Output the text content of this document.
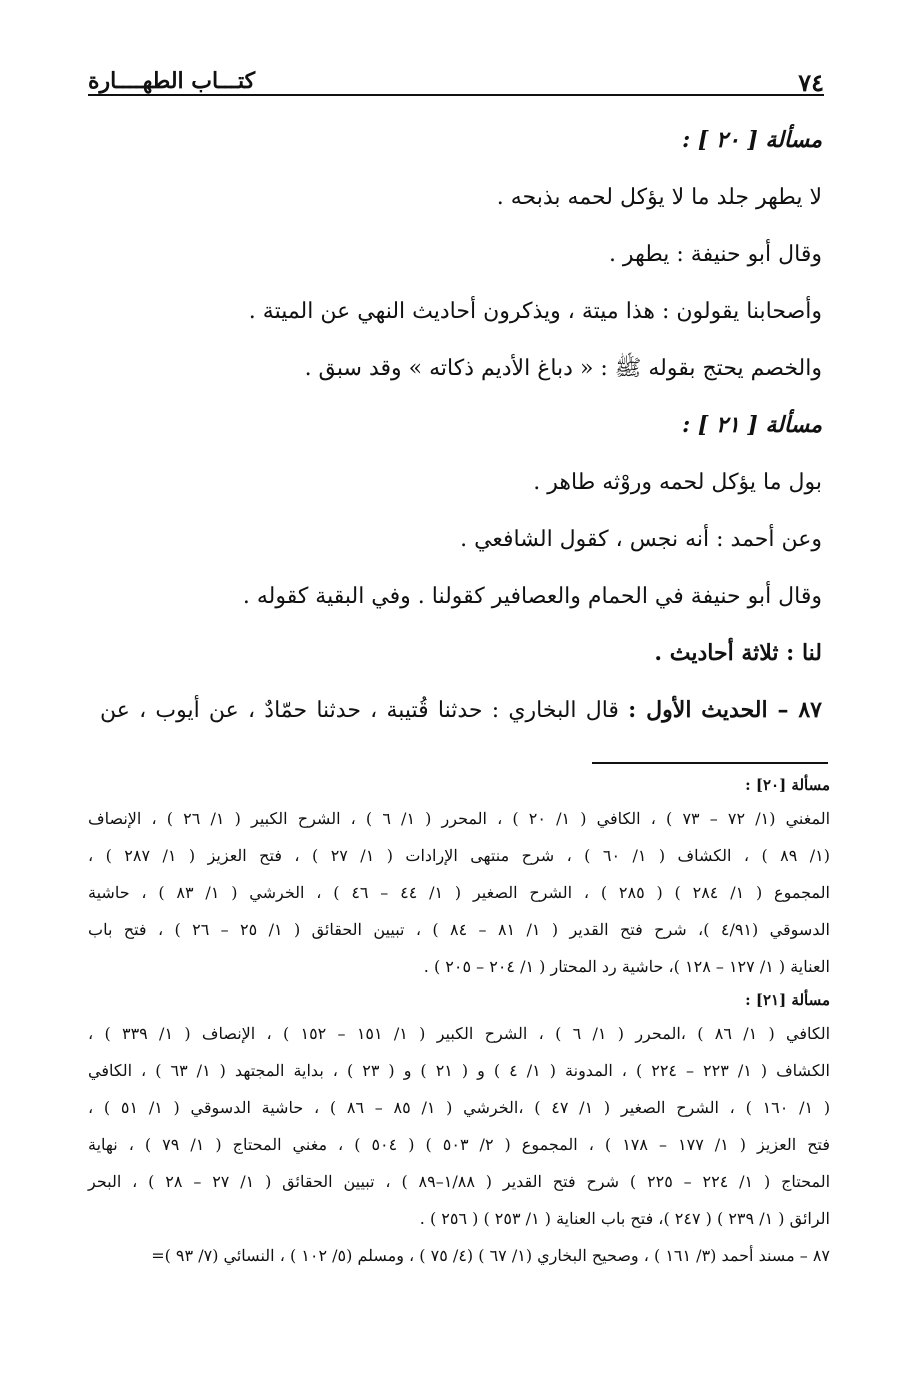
٧٤
كتـــاب الطهــــارة
مسألة [ ٢٠ ] :
لا يطهر جلد ما لا يؤكل لحمه بذبحه .
وقال أبو حنيفة : يطهر .
وأصحابنا يقولون : هذا ميتة ، ويذكرون أحاديث النهي عن الميتة .
والخصم يحتج بقوله ﷺ : « دباغ الأديم ذكاته » وقد سبق .
مسألة [ ٢١ ] :
بول ما يؤكل لحمه وروْثه طاهر .
وعن أحمد : أنه نجس ، كقول الشافعي .
وقال أبو حنيفة في الحمام والعصافير كقولنا . وفي البقية كقوله .
لنا : ثلاثة أحاديث .
٨٧ – الحديث الأول : قال البخاري : حدثنا قُتيبة ، حدثنا حمّادٌ ، عن أيوب ، عن
مسألة [٢٠] :
المغني (١/ ٧٢ – ٧٣ ) ، الكافي ( ١/ ٢٠ ) ، المحرر ( ١/ ٦ ) ، الشرح الكبير ( ١/ ٢٦ ) ، الإنصاف
(١/ ٨٩ ) ، الكشاف ( ١/ ٦٠ ) ، شرح منتهى الإرادات ( ١/ ٢٧ ) ، فتح العزيز ( ١/ ٢٨٧ ) ،
المجموع ( ١/ ٢٨٤ ) ( ٢٨٥ ) ، الشرح الصغير ( ١/ ٤٤ – ٤٦ ) ، الخرشي ( ١/ ٨٣ ) ، حاشية
الدسوقي (٤/٩١ )، شرح فتح القدير ( ١/ ٨١ – ٨٤ ) ، تبيين الحقائق ( ١/ ٢٥ – ٢٦ ) ، فتح باب
العناية ( ١/ ١٢٧ – ١٢٨ )، حاشية رد المحتار ( ١/ ٢٠٤ – ٢٠٥ ) .
مسألة [٢١] :
الكافي ( ١/ ٨٦ ) ،المحرر ( ١/ ٦ ) ، الشرح الكبير ( ١/ ١٥١ – ١٥٢ ) ، الإنصاف ( ١/ ٣٣٩ ) ،
الكشاف ( ١/ ٢٢٣ – ٢٢٤ ) ، المدونة ( ١/ ٤ ) و ( ٢١ ) و ( ٢٣ ) ، بداية المجتهد ( ١/ ٦٣ ) ، الكافي
( ١/ ١٦٠ ) ، الشرح الصغير ( ١/ ٤٧ ) ،الخرشي ( ١/ ٨٥ – ٨٦ ) ، حاشية الدسوقي ( ١/ ٥١ ) ،
فتح العزيز ( ١/ ١٧٧ – ١٧٨ ) ، المجموع ( ٢/ ٥٠٣ ) ( ٥٠٤ ) ، مغني المحتاج ( ١/ ٧٩ ) ، نهاية
المحتاج ( ١/ ٢٢٤ – ٢٢٥ ) شرح فتح القدير ( ١/٨٨–٨٩ ) ، تبيين الحقائق ( ١/ ٢٧ – ٢٨ ) ، البحر
الرائق ( ١/ ٢٣٩ ) ( ٢٤٧ )، فتح باب العناية ( ١/ ٢٥٣ ) ( ٢٥٦ ) .
٨٧ – مسند أحمد (٣/ ١٦١ ) ، وصحيح البخاري (١/ ٦٧ ) (٤/ ٧٥ ) ، ومسلم (٥/ ١٠٢ ) ، النسائي (٧/ ٩٣ )=
